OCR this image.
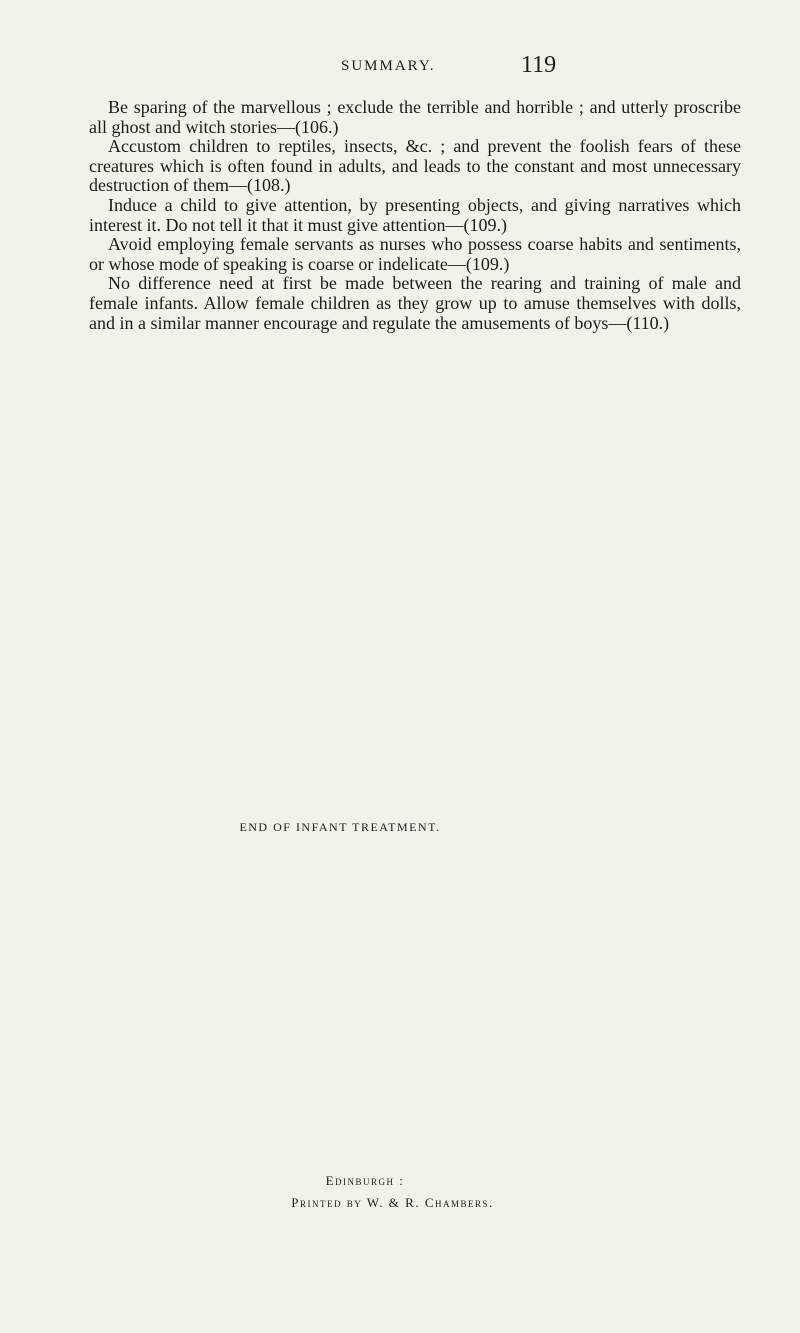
SUMMARY.	119

Be sparing of the marvellous ; exclude the terrible and horrible ; and utterly proscribe all ghost and witch stories—(106.)

Accustom children to reptiles, insects, &c. ; and prevent the foolish fears of these creatures which is often found in adults, and leads to the constant and most unnecessary destruction of them—(108.)

Induce a child to give attention, by presenting objects, and giving narratives which interest it. Do not tell it that it must give attention—(109.)

Avoid employing female servants as nurses who possess coarse habits and sentiments, or whose mode of speaking is coarse or indelicate—(109.)

No difference need at first be made between the rearing and training of male and female infants. Allow female children as they grow up to amuse themselves with dolls, and in a similar manner encourage and regulate the amusements of boys—(110.)

END OF INFANT TREATMENT.
Edinburgh :
Printed by W. & R. Chambers.
